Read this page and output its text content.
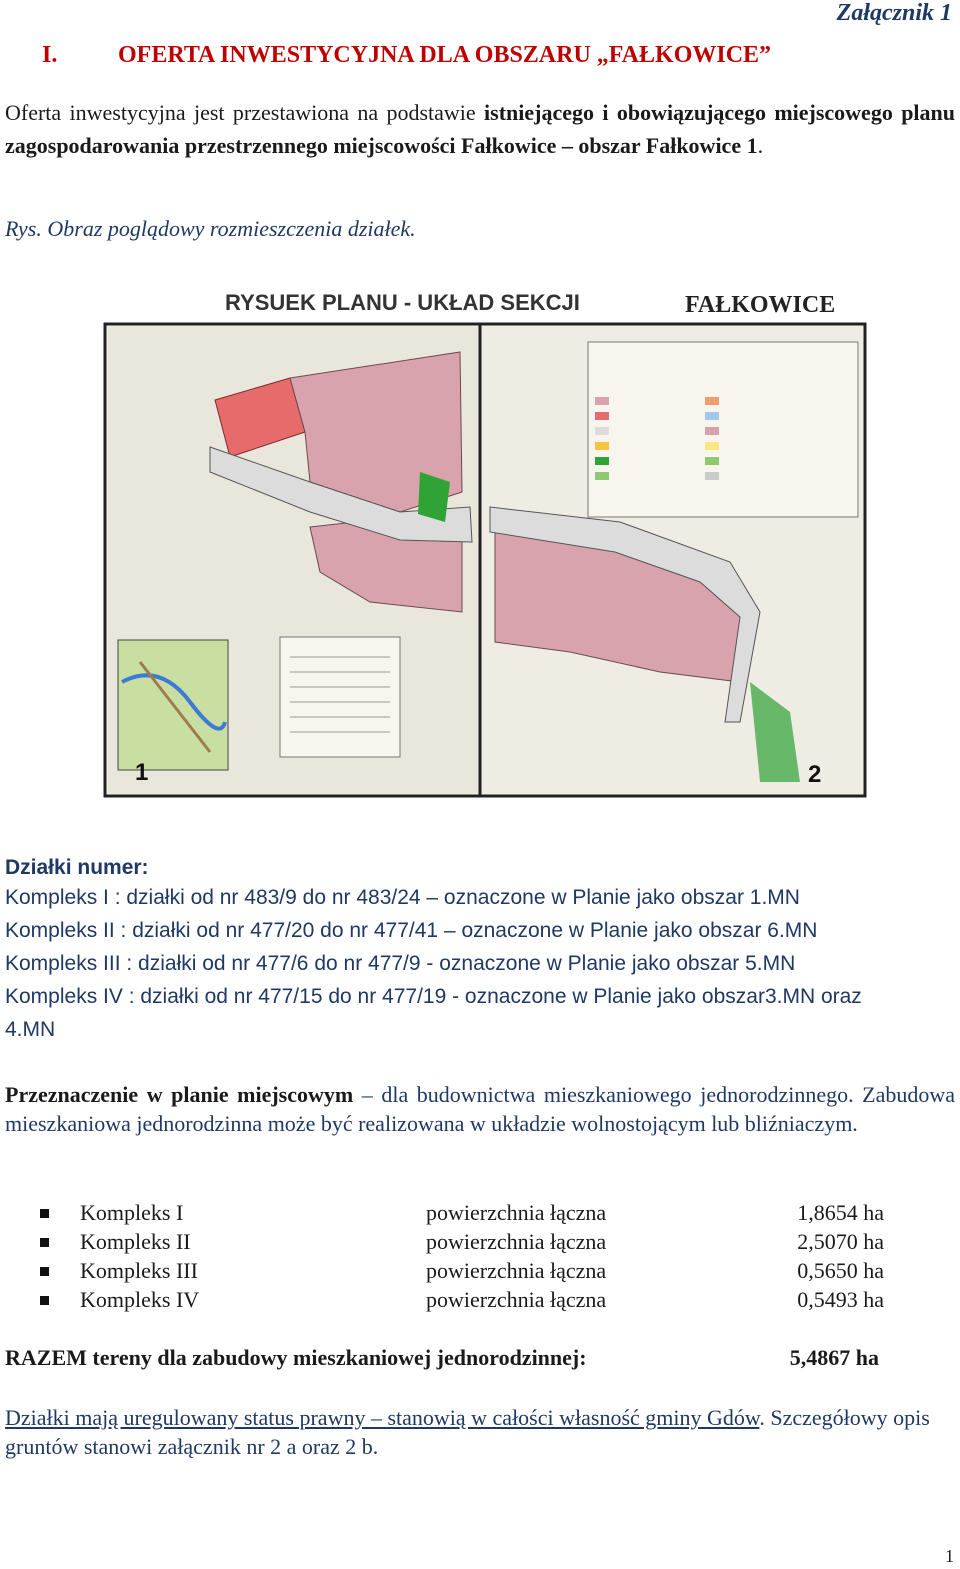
Załącznik 1
I.	OFERTA INWESTYCYJNA DLA OBSZARU „FAŁKOWICE”
Oferta inwestycyjna jest przestawiona na podstawie istniejącego i obowiązującego miejscowego planu zagospodarowania przestrzennego miejscowości Fałkowice – obszar Fałkowice 1.
Rys. Obraz poglądowy rozmieszczenia działek.
RYSUEK PLANU - UKŁAD SEKCJI	FAŁKOWICE
1	2
Działki numer:
Kompleks I : działki od nr 483/9 do nr 483/24 – oznaczone w Planie jako obszar 1.MN
Kompleks II : działki od nr 477/20 do nr 477/41 – oznaczone w Planie jako obszar 6.MN
Kompleks III : działki od nr 477/6 do nr 477/9 - oznaczone w Planie jako obszar 5.MN
Kompleks IV : działki od nr 477/15 do nr 477/19 - oznaczone w Planie jako obszar3.MN oraz
4.MN
Przeznaczenie w planie miejscowym – dla budownictwa mieszkaniowego jednorodzinnego. Zabudowa mieszkaniowa jednorodzinna może być realizowana w układzie wolnostojącym lub bliźniaczym.
Kompleks I	powierzchnia łączna	1,8654 ha
Kompleks II	powierzchnia łączna	2,5070 ha
Kompleks III	powierzchnia łączna	0,5650 ha
Kompleks IV	powierzchnia łączna	0,5493 ha
RAZEM tereny dla zabudowy mieszkaniowej jednorodzinnej:	5,4867 ha
Działki mają uregulowany status prawny – stanowią w całości własność gminy Gdów. Szczegółowy opis gruntów stanowi załącznik nr 2 a oraz 2 b.
1
